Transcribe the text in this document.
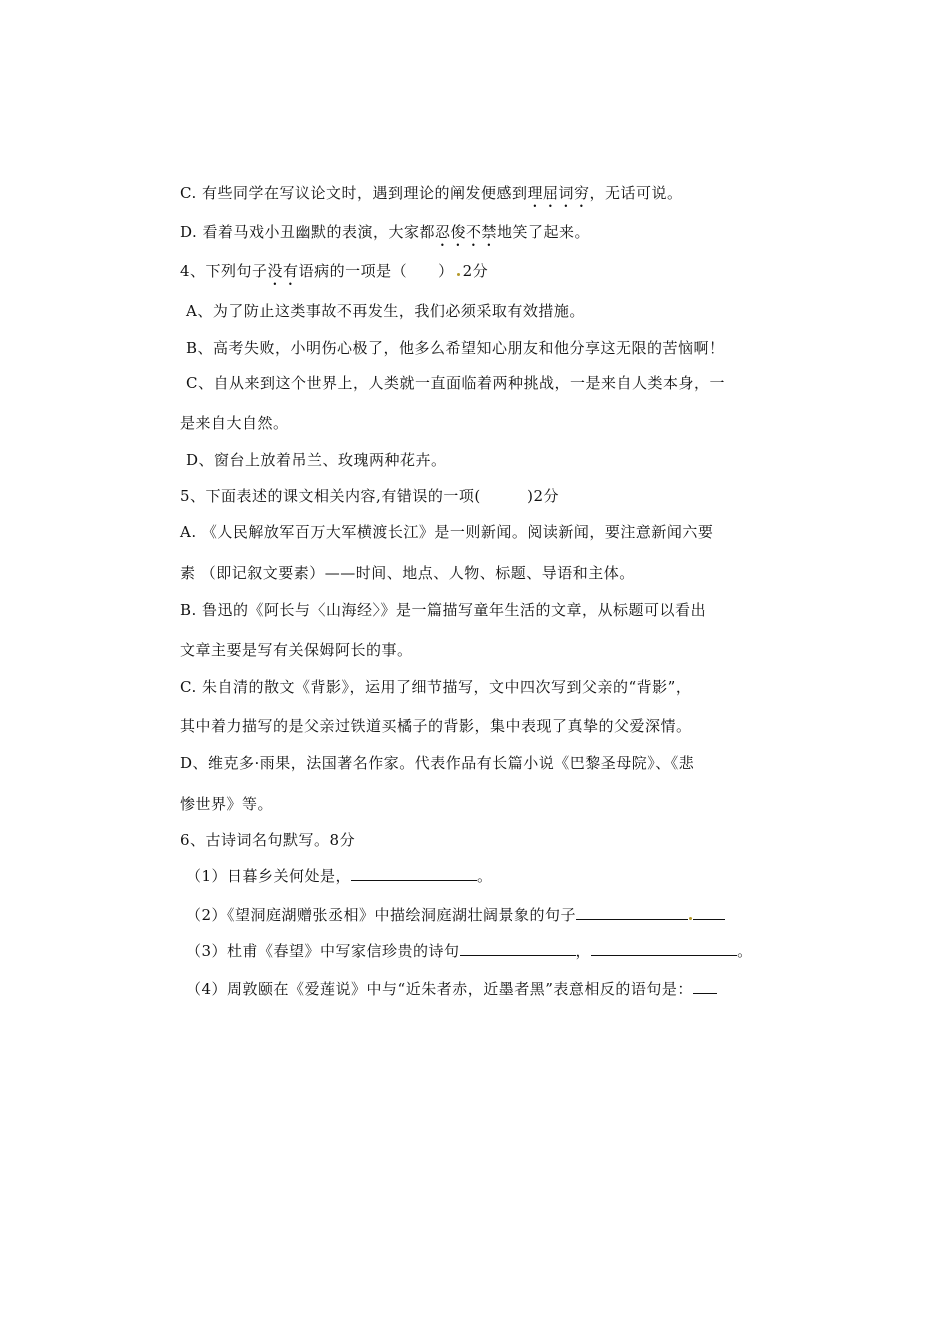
C. 有些同学在写议论文时，遇到理论的阐发便感到理屈词穷，无话可说。
D. 看着马戏小丑幽默的表演，大家都忍俊不禁地笑了起来。
4、下列句子没有语病的一项是（　　） 2分
A、为了防止这类事故不再发生，我们必须采取有效措施。
B、高考失败，小明伤心极了，他多么希望知心朋友和他分享这无限的苦恼啊！
C、自从来到这个世界上，人类就一直面临着两种挑战，一是来自人类本身，一
是来自大自然。
D、窗台上放着吊兰、玫瑰两种花卉。
5、下面表述的课文相关内容,有错误的一项(　　　)2分
A. 《人民解放军百万大军横渡长江》是一则新闻。阅读新闻，要注意新闻六要
素 （即记叙文要素）——时间、地点、人物、标题、导语和主体。
B. 鲁迅的《阿长与〈山海经〉》是一篇描写童年生活的文章，从标题可以看出
文章主要是写有关保姆阿长的事。
C. 朱自清的散文《背影》，运用了细节描写，文中四次写到父亲的“背影”，
其中着力描写的是父亲过铁道买橘子的背影，集中表现了真挚的父爱深情。
D、维克多·雨果，法国著名作家。代表作品有长篇小说《巴黎圣母院》、《悲
惨世界》等。
6、古诗词名句默写。8分
（1）日暮乡关何处是，	。
（2）《望洞庭湖赠张丞相》中描绘洞庭湖壮阔景象的句子
（3）杜甫《春望》中写家信珍贵的诗句	，	。
（4）周敦颐在《爱莲说》中与“近朱者赤，近墨者黑”表意相反的语句是：
